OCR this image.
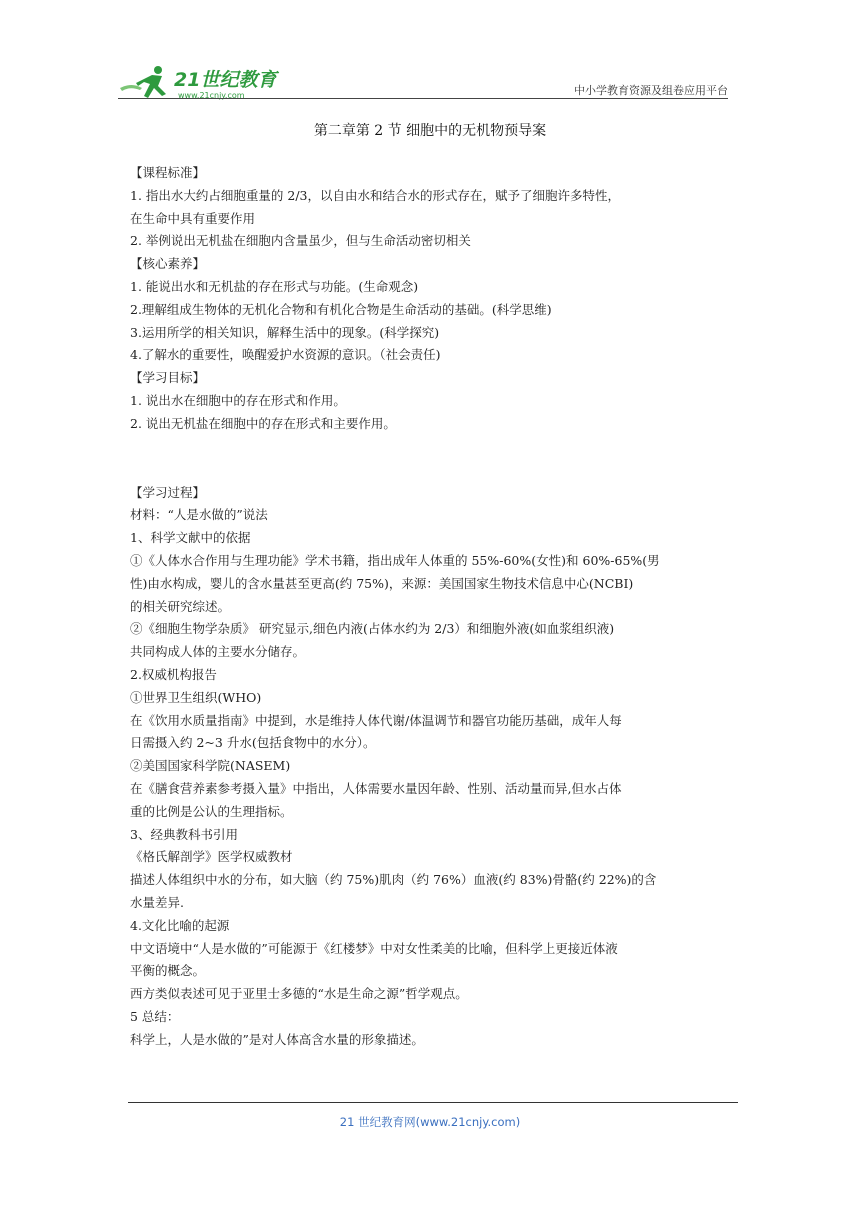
21世纪教育
www.21cnjy.com	中小学教育资源及组卷应用平台
第二章第 2 节 细胞中的无机物预导案

【课程标准】

1. 指出水大约占细胞重量的 2/3，以自由水和结合水的形式存在，赋予了细胞许多特性，

在生命中具有重要作用

2. 举例说出无机盐在细胞内含量虽少，但与生命活动密切相关

【核心素养】

1. 能说出水和无机盐的存在形式与功能。(生命观念)

2.理解组成生物体的无机化合物和有机化合物是生命活动的基础。(科学思维)

3.运用所学的相关知识，解释生活中的现象。(科学探究)

4.了解水的重要性，唤醒爱护水资源的意识。（社会责任)

【学习目标】

1. 说出水在细胞中的存在形式和作用。

2. 说出无机盐在细胞中的存在形式和主要作用。

【学习过程】

材料：“人是水做的”说法

1、科学文献中的依据

①《人体水合作用与生理功能》学术书籍，指出成年人体重的 55%-60%(女性)和 60%-65%(男

性)由水构成，婴儿的含水量甚至更高(约 75%)，来源：美国国家生物技术信息中心(NCBI)

的相关研究综述。

②《细胞生物学杂质》 研究显示,细色内液(占体水约为 2/3）和细胞外液(如血浆组织液)

共同构成人体的主要水分储存。

2.权威机构报告

①世界卫生组织(WHO)

在《饮用水质量指南》中提到，水是维持人体代谢/体温调节和器官功能历基础，成年人每

日需摄入约 2~3 升水(包括食物中的水分）。

②美国国家科学院(NASEM)

在《膳食营养素参考摄入量》中指出，人体需要水量因年龄、性别、活动量而异,但水占体

重的比例是公认的生理指标。

3、经典教科书引用

《格氏解剖学》医学权威教材

描述人体组织中水的分布，如大脑（约 75%)肌肉（约 76%）血液(约 83%)骨骼(约 22%)的含

水量差异.

4.文化比喻的起源

中文语境中“人是水做的”可能源于《红楼梦》中对女性柔美的比喻，但科学上更接近体液

平衡的概念。

西方类似表述可见于亚里士多德的“水是生命之源”哲学观点。

5 总结：

科学上，人是水做的”是对人体高含水量的形象描述。

21 世纪教育网(www.21cnjy.com)
